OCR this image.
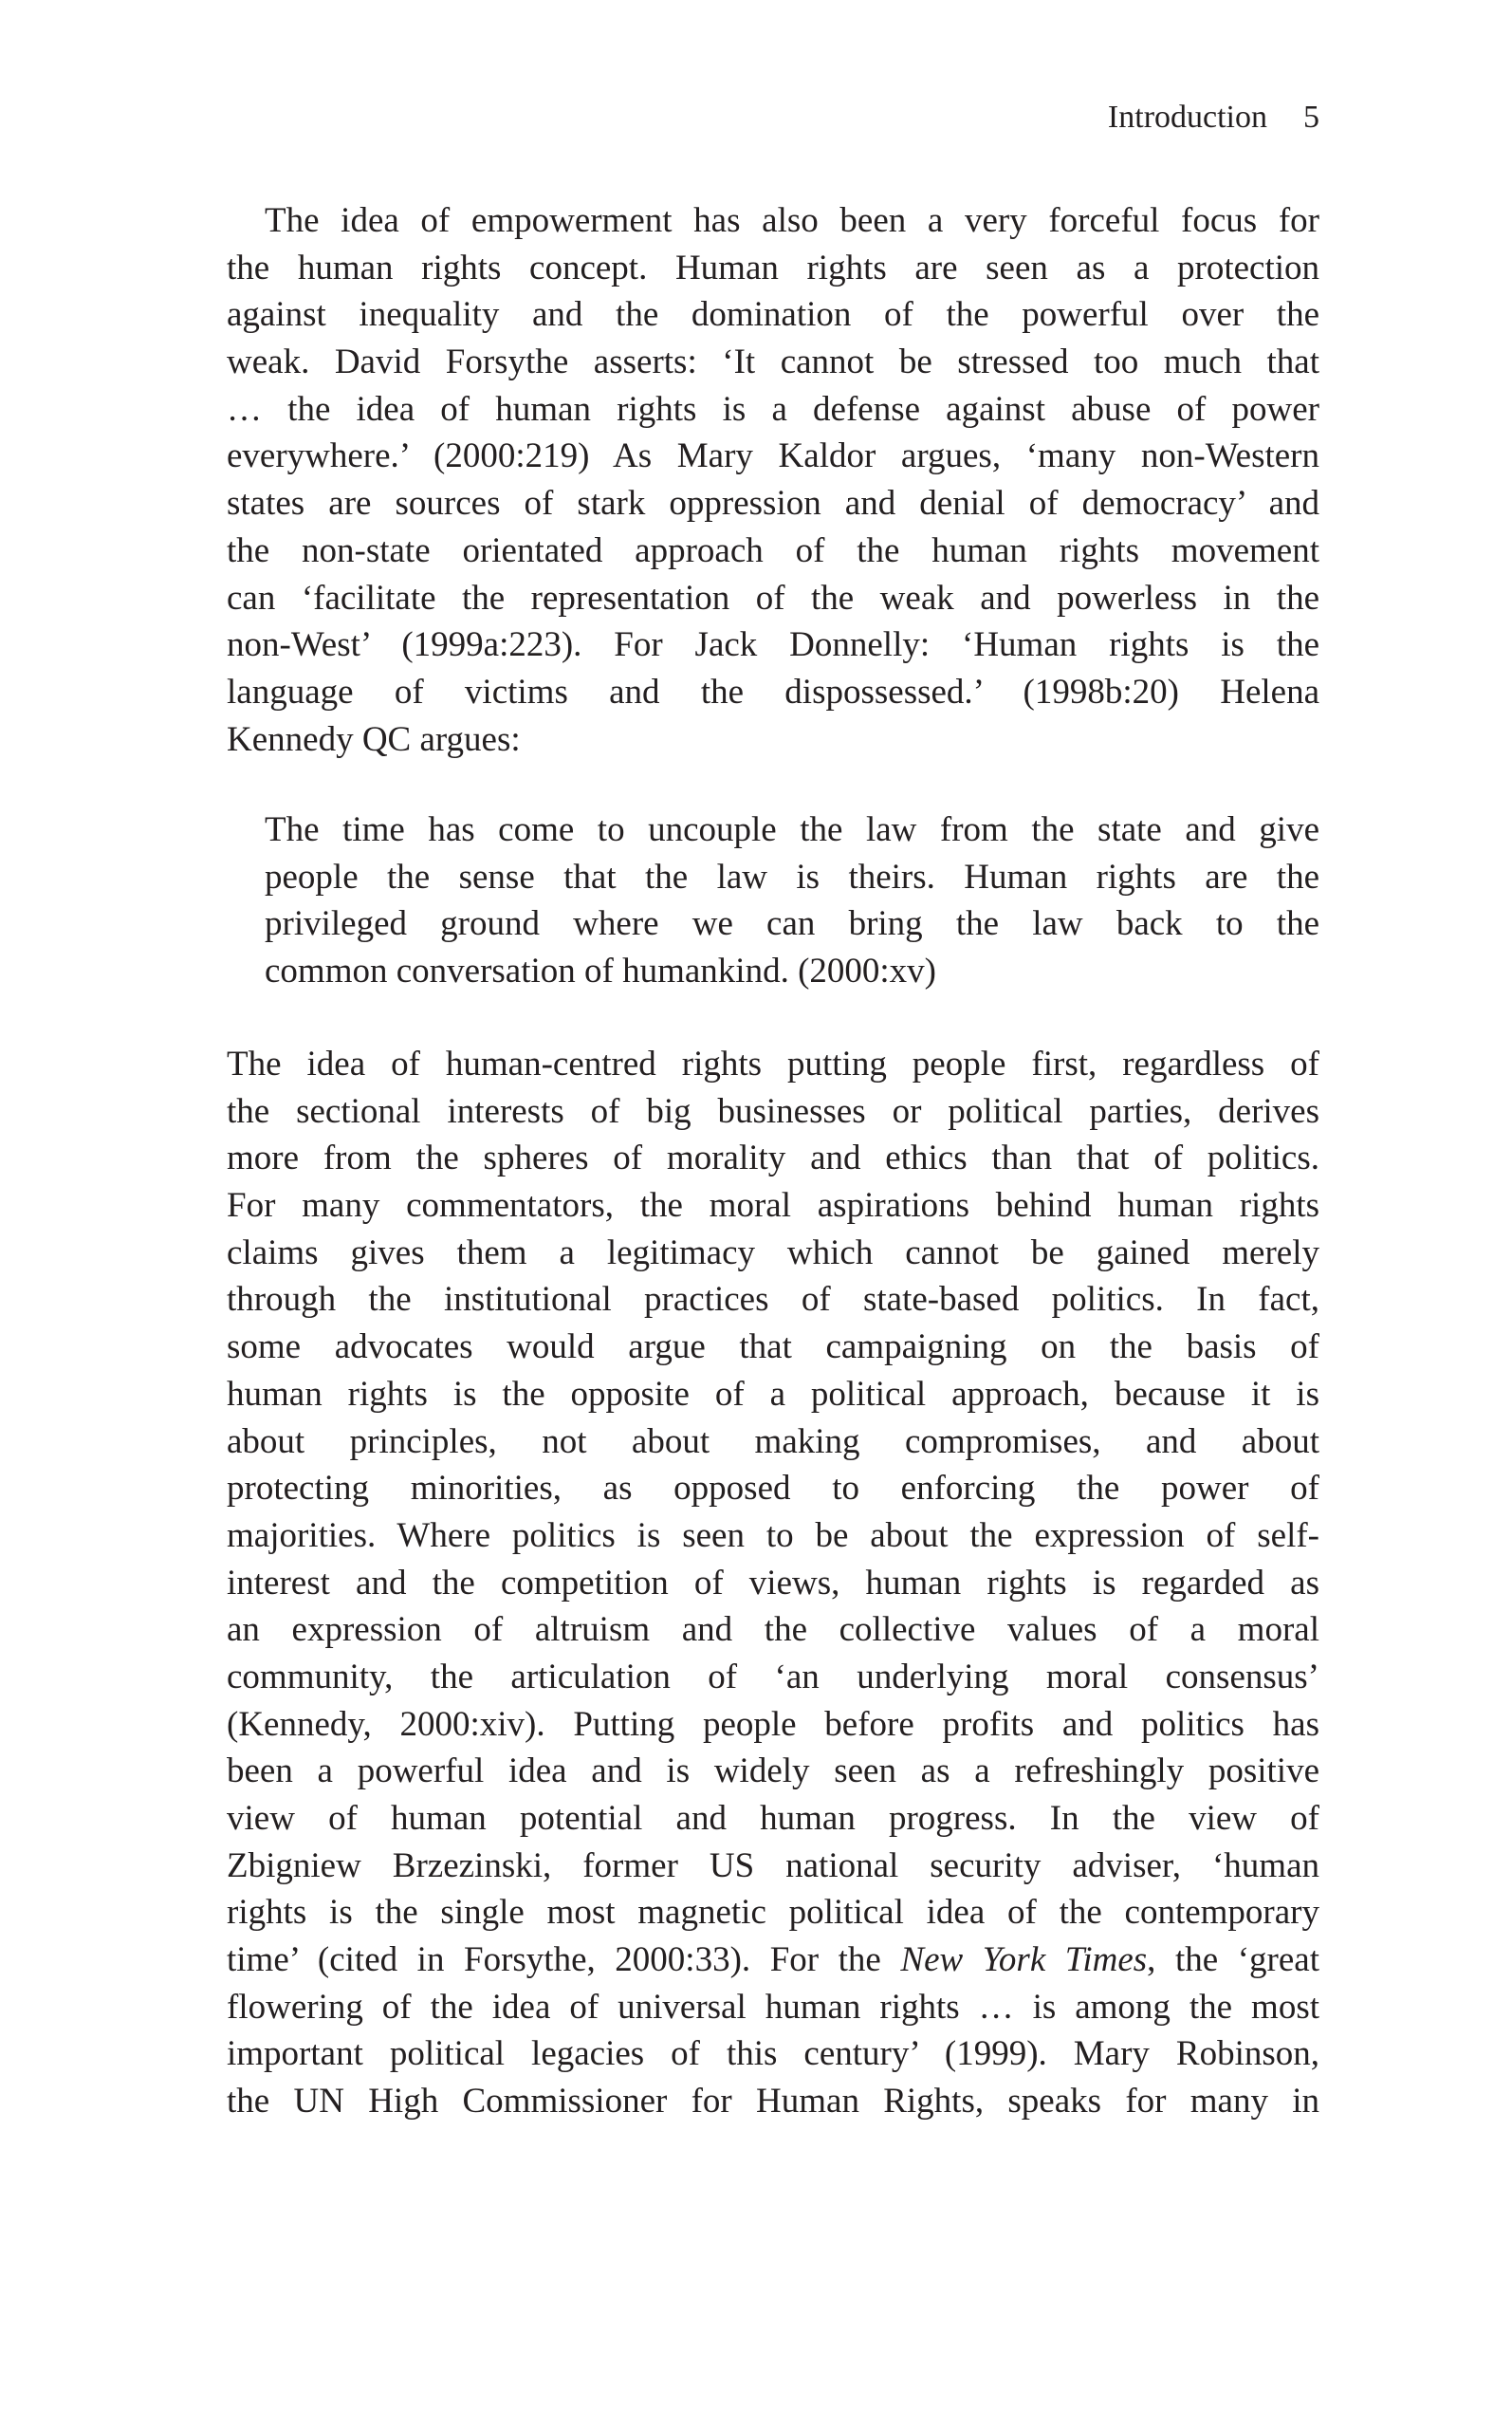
Introduction 5
The idea of empowerment has also been a very forceful focus for
the human rights concept. Human rights are seen as a protection
against inequality and the domination of the powerful over the
weak. David Forsythe asserts: ‘It cannot be stressed too much that
… the idea of human rights is a defense against abuse of power
everywhere.’ (2000:219) As Mary Kaldor argues, ‘many non-Western
states are sources of stark oppression and denial of democracy’ and
the non-state orientated approach of the human rights movement
can ‘facilitate the representation of the weak and powerless in the
non-West’ (1999a:223). For Jack Donnelly: ‘Human rights is the
language of victims and the dispossessed.’ (1998b:20) Helena
Kennedy QC argues:
The time has come to uncouple the law from the state and give
people the sense that the law is theirs. Human rights are the
privileged ground where we can bring the law back to the
common conversation of humankind. (2000:xv)
The idea of human-centred rights putting people first, regardless of
the sectional interests of big businesses or political parties, derives
more from the spheres of morality and ethics than that of politics.
For many commentators, the moral aspirations behind human rights
claims gives them a legitimacy which cannot be gained merely
through the institutional practices of state-based politics. In fact,
some advocates would argue that campaigning on the basis of
human rights is the opposite of a political approach, because it is
about principles, not about making compromises, and about
protecting minorities, as opposed to enforcing the power of
majorities. Where politics is seen to be about the expression of self-
interest and the competition of views, human rights is regarded as
an expression of altruism and the collective values of a moral
community, the articulation of ‘an underlying moral consensus’
(Kennedy, 2000:xiv). Putting people before profits and politics has
been a powerful idea and is widely seen as a refreshingly positive
view of human potential and human progress. In the view of
Zbigniew Brzezinski, former US national security adviser, ‘human
rights is the single most magnetic political idea of the contemporary
time’ (cited in Forsythe, 2000:33). For the New York Times, the ‘great
flowering of the idea of universal human rights … is among the most
important political legacies of this century’ (1999). Mary Robinson,
the UN High Commissioner for Human Rights, speaks for many in
